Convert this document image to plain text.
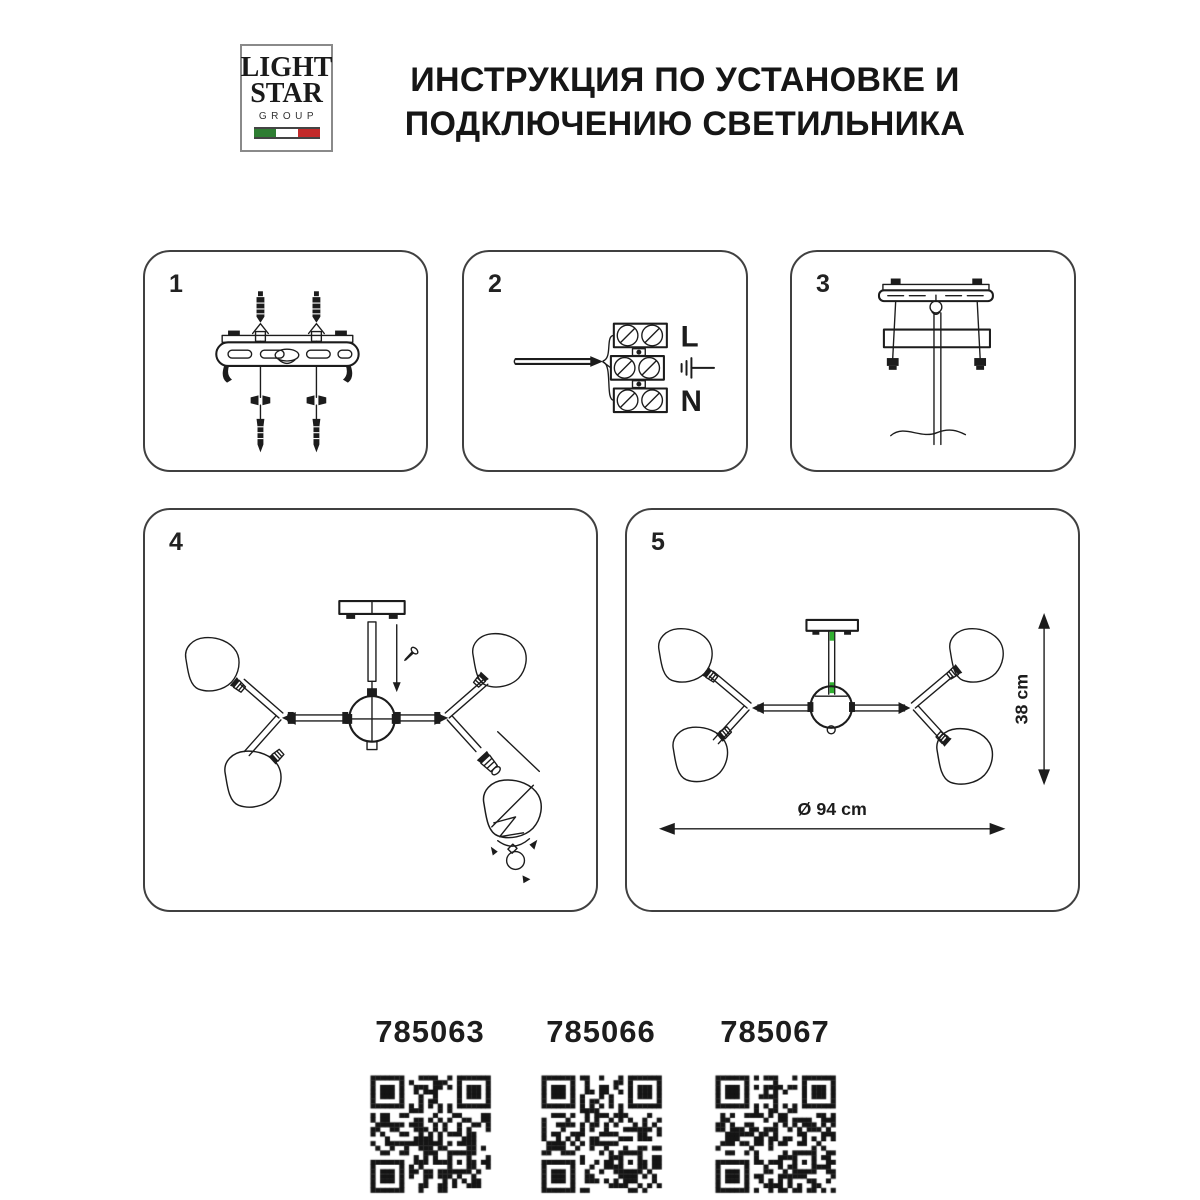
LIGHT
STAR
GROUP
ИНСТРУКЦИЯ ПО УСТАНОВКЕ И
ПОДКЛЮЧЕНИЮ СВЕТИЛЬНИКА
1	2
L
N
3
4	5
38 cm
Ø 94 cm
785063 785066 785067
